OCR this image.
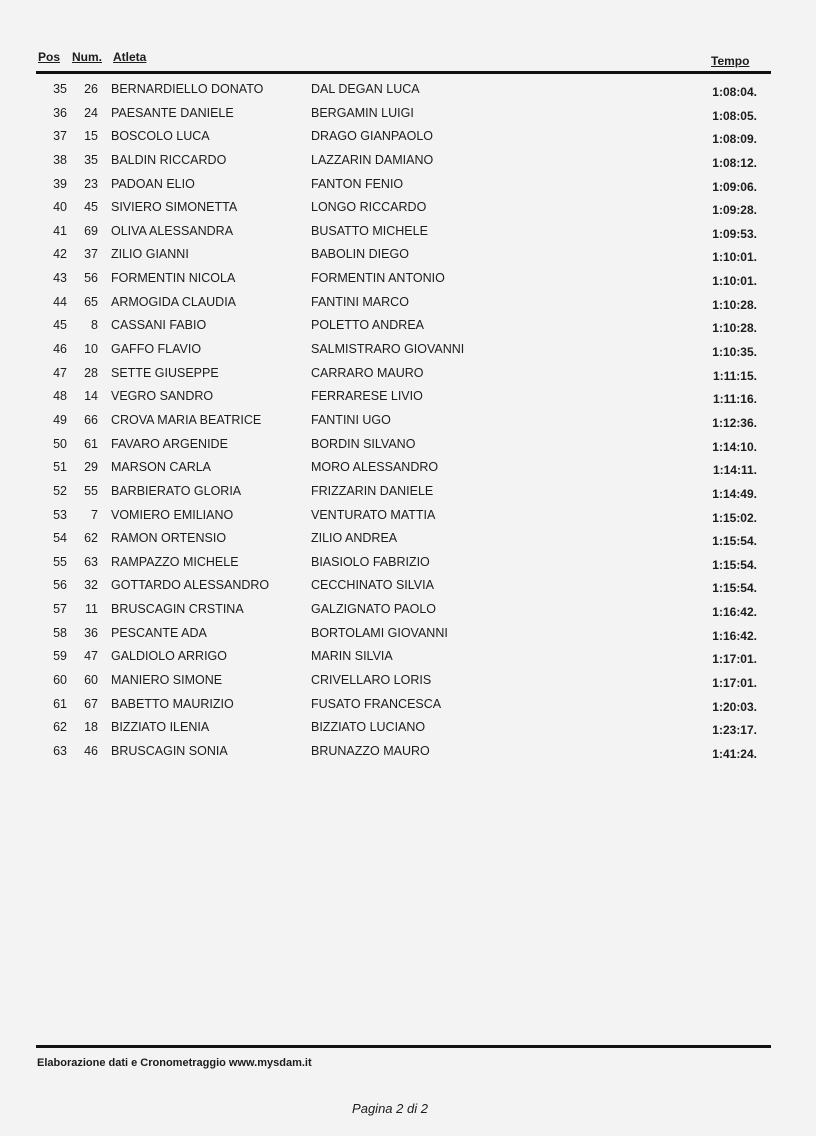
Pos Num. Atleta	Tempo
35	26 BERNARDIELLO DONATO	DAL DEGAN LUCA	1:08:04.
36	24 PAESANTE DANIELE	BERGAMIN LUIGI	1:08:05.
37	15 BOSCOLO LUCA	DRAGO GIANPAOLO	1:08:09.
38	35 BALDIN RICCARDO	LAZZARIN DAMIANO	1:08:12.
39	23 PADOAN ELIO	FANTON FENIO	1:09:06.
40	45 SIVIERO SIMONETTA	LONGO RICCARDO	1:09:28.
41	69 OLIVA ALESSANDRA	BUSATTO MICHELE	1:09:53.
42	37 ZILIO GIANNI	BABOLIN DIEGO	1:10:01.
43	56 FORMENTIN NICOLA	FORMENTIN ANTONIO	1:10:01.
44	65 ARMOGIDA CLAUDIA	FANTINI MARCO	1:10:28.
45	8 CASSANI FABIO	POLETTO ANDREA	1:10:28.
46	10 GAFFO FLAVIO	SALMISTRARO GIOVANNI	1:10:35.
47	28 SETTE GIUSEPPE	CARRARO MAURO	1:11:15.
48	14 VEGRO SANDRO	FERRARESE LIVIO	1:11:16.
49	66 CROVA MARIA BEATRICE	FANTINI UGO	1:12:36.
50	61 FAVARO ARGENIDE	BORDIN SILVANO	1:14:10.
51	29 MARSON CARLA	MORO ALESSANDRO	1:14:11.
52	55 BARBIERATO GLORIA	FRIZZARIN DANIELE	1:14:49.
53	7 VOMIERO EMILIANO	VENTURATO MATTIA	1:15:02.
54	62 RAMON ORTENSIO	ZILIO ANDREA	1:15:54.
55	63 RAMPAZZO MICHELE	BIASIOLO FABRIZIO	1:15:54.
56	32 GOTTARDO ALESSANDRO	CECCHINATO SILVIA	1:15:54.
57	11 BRUSCAGIN CRSTINA	GALZIGNATO PAOLO	1:16:42.
58	36 PESCANTE ADA	BORTOLAMI GIOVANNI	1:16:42.
59	47 GALDIOLO ARRIGO	MARIN SILVIA	1:17:01.
60	60 MANIERO SIMONE	CRIVELLARO LORIS	1:17:01.
61	67 BABETTO MAURIZIO	FUSATO FRANCESCA	1:20:03.
62	18 BIZZIATO ILENIA	BIZZIATO LUCIANO	1:23:17.
63	46 BRUSCAGIN SONIA	BRUNAZZO MAURO	1:41:24.
Elaborazione dati e Cronometraggio www.mysdam.it
Pagina 2 di 2
